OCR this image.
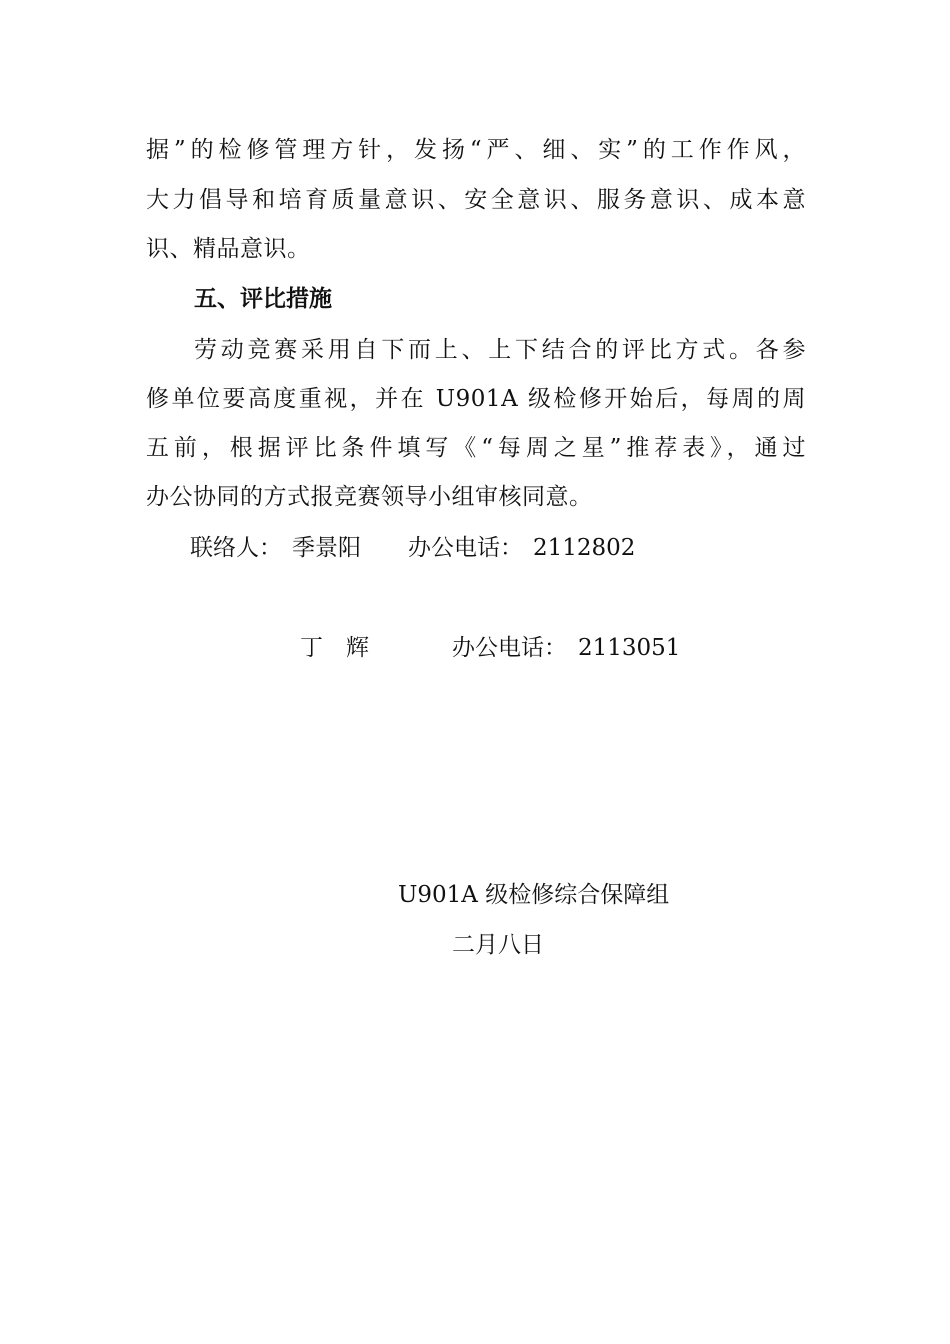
据”的检修管理方针，发扬“严、细、实”的工作作风，
大力倡导和培育质量意识、安全意识、服务意识、成本意
识、精品意识。
五、评比措施
劳动竞赛采用自下而上、上下结合的评比方式。各参
修单位要高度重视，并在 U901A 级检修开始后，每周的周
五前，根据评比条件填写《“每周之星”推荐表》，通过
办公协同的方式报竞赛领导小组审核同意。
联络人： 季景阳 办公电话： 2112802
丁　辉	办公电话： 2113051
U901A 级检修综合保障组
二月八日
